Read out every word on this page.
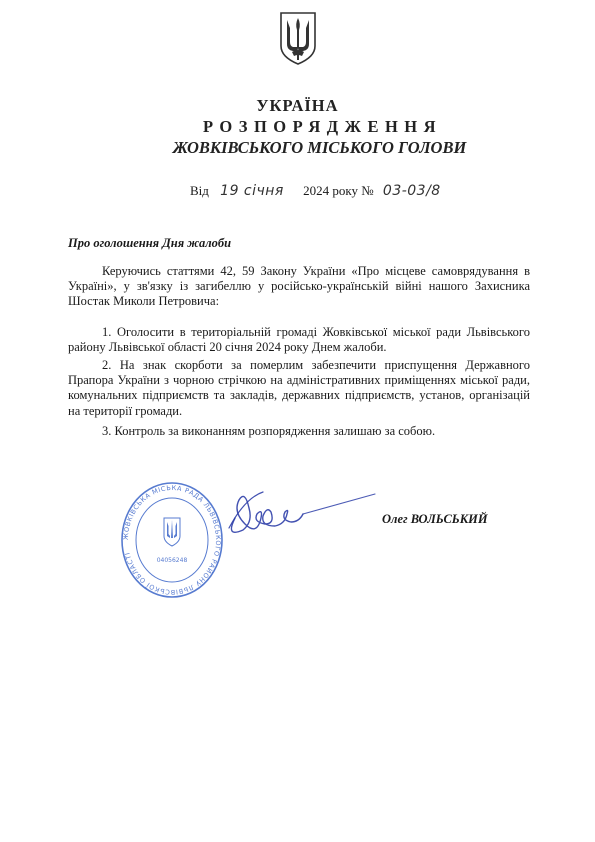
УКРАЇНА
РОЗПОРЯДЖЕННЯ
ЖОВКІВСЬКОГО МІСЬКОГО ГОЛОВИ
Від 19 січня 2024 року № 03-03/8
Про оголошення Дня жалоби
Керуючись статтями 42, 59 Закону України «Про місцеве самоврядування в Україні», у зв'язку із загибеллю у російсько-українській війні нашого Захисника Шостак Миколи Петровича:
1. Оголосити в територіальній громаді Жовківської міської ради Львівського району Львівської області 20 січня 2024 року Днем жалоби.
2. На знак скорботи за померлим забезпечити приспущення Державного Прапора України з чорною стрічкою на адміністративних приміщеннях міської ради, комунальних підприємств та закладів, державних підприємств, установ, організацій на території громади.
3. Контроль за виконанням розпорядження залишаю за собою.
ЖОВКІВСЬКА МІСЬКА РАДА ЛЬВІВСЬКОГО РАЙОНУ ЛЬВІВСЬКОЇ ОБЛАСТІ
04056248
Олег ВОЛЬСЬКИЙ
